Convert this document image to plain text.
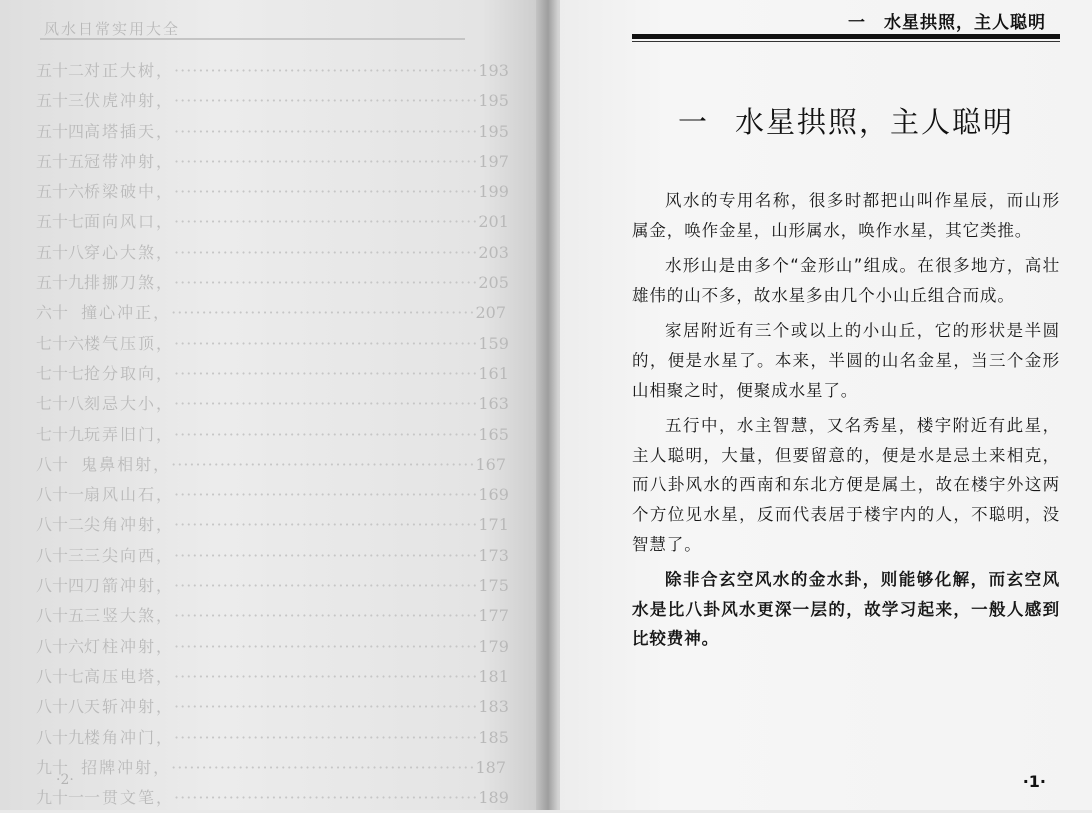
风水日常实用大全
五十二 对正大树， ·················································· 193
五十三 伏虎冲射， ·················································· 195
五十四 高塔插天， ·················································· 195
五十五 冠带冲射， ·················································· 197
五十六 桥梁破中， ·················································· 199
五十七 面向风口， ·················································· 201
五十八 穿心大煞， ·················································· 203
五十九 排挪刀煞， ·················································· 205
六十 撞心冲正， ·················································· 207
七十六 楼气压顶， ·················································· 159
七十七 抢分取向， ·················································· 161
七十八 刻忌大小， ·················································· 163
七十九 玩弄旧门， ·················································· 165
八十 鬼鼻相射， ·················································· 167
八十一 扇风山石， ·················································· 169
八十二 尖角冲射， ·················································· 171
八十三 三尖向西， ·················································· 173
八十四 刀箭冲射， ·················································· 175
八十五 三竖大煞， ·················································· 177
八十六 灯柱冲射， ·················································· 179
八十七 高压电塔， ·················································· 181
八十八 天斩冲射， ·················································· 183
八十九 楼角冲门， ·················································· 185
九十 招牌冲射， ·················································· 187
九十一 一贯文笔， ·················································· 189
·2·
一　水星拱照，主人聪明
一 水星拱照，主人聪明

风水的专用名称，很多时都把山叫作星辰，而山形属金，唤作金星，山形属水，唤作水星，其它类推。

水形山是由多个“金形山”组成。在很多地方，高壮雄伟的山不多，故水星多由几个小山丘组合而成。

家居附近有三个或以上的小山丘，它的形状是半圆的，便是水星了。本来，半圆的山名金星，当三个金形山相聚之时，便聚成水星了。

五行中，水主智慧，又名秀星，楼宇附近有此星，主人聪明，大量，但要留意的，便是水是忌土来相克，而八卦风水的西南和东北方便是属土，故在楼宇外这两个方位见水星，反而代表居于楼宇内的人，不聪明，没智慧了。

除非合玄空风水的金水卦，则能够化解，而玄空风水是比八卦风水更深一层的，故学习起来，一般人感到比较费神。

·1·
